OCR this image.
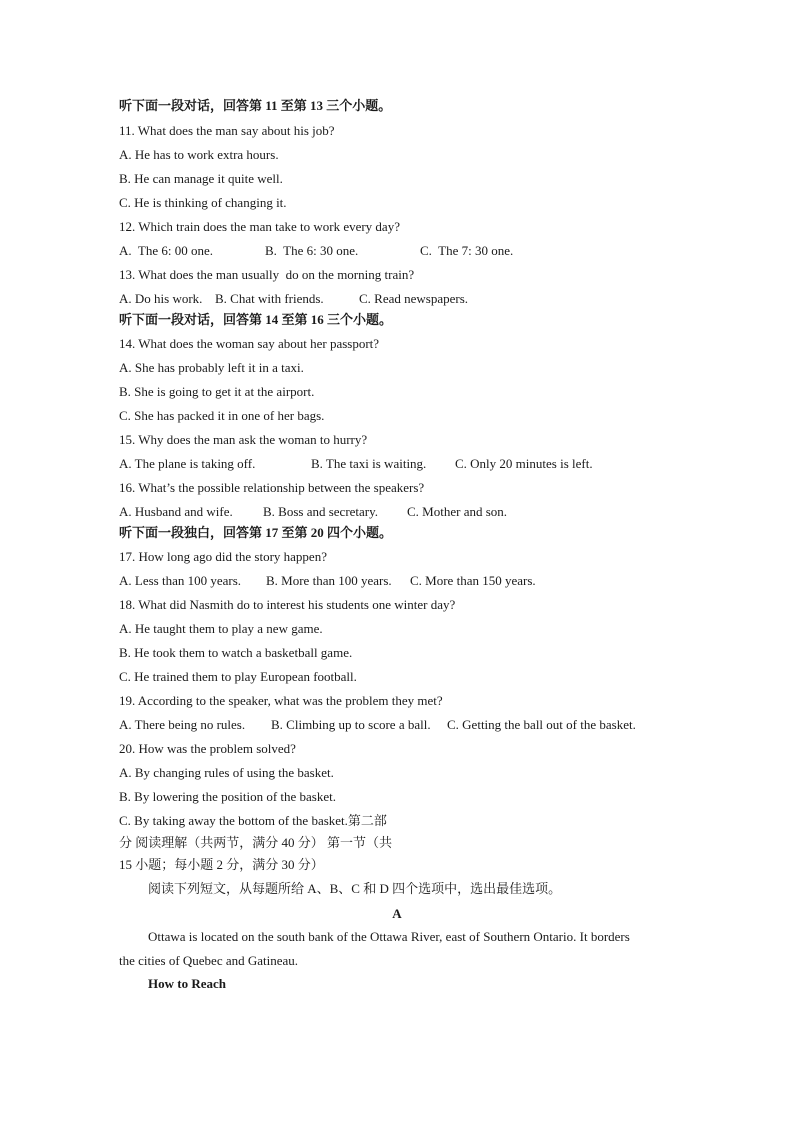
听下面一段对话，回答第 11 至第 13 三个小题。
11. What does the man say about his job?
A. He has to work extra hours.
B. He can manage it quite well.
C. He is thinking of changing it.
12. Which train does the man take to work every day?
A.  The 6: 00 one.	B.  The 6: 30 one.	C.  The 7: 30 one.
13. What does the man usually  do on the morning train?
A. Do his work. B. Chat with friends.	C. Read newspapers.
听下面一段对话，回答第 14 至第 16 三个小题。
14. What does the woman say about her passport?
A. She has probably left it in a taxi.
B. She is going to get it at the airport.
C. She has packed it in one of her bags.
15. Why does the man ask the woman to hurry?
A. The plane is taking off.	B. The taxi is waiting. C. Only 20 minutes is left.
16. What’s the possible relationship between the speakers?
A. Husband and wife. B. Boss and secretary. C. Mother and son.
听下面一段独白，回答第 17 至第 20 四个小题。
17. How long ago did the story happen?
A. Less than 100 years. B. More than 100 years. C. More than 150 years.
18. What did Nasmith do to interest his students one winter day?
A. He taught them to play a new game.
B. He took them to watch a basketball game.
C. He trained them to play European football.
19. According to the speaker, what was the problem they met?
A. There being no rules. B. Climbing up to score a ball. C. Getting the ball out of the basket.
20. How was the problem solved?
A. By changing rules of using the basket.
B. By lowering the position of the basket.
C. By taking away the bottom of the basket.第二部
分 阅读理解（共两节，满分 40 分） 第一节（共
15 小题；每小题 2 分，满分 30 分）
阅读下列短文，从每题所给 A、B、C 和 D 四个选项中，选出最佳选项。
A
Ottawa is located on the south bank of the Ottawa River, east of Southern Ontario. It borders
the cities of Quebec and Gatineau.
How to Reach
